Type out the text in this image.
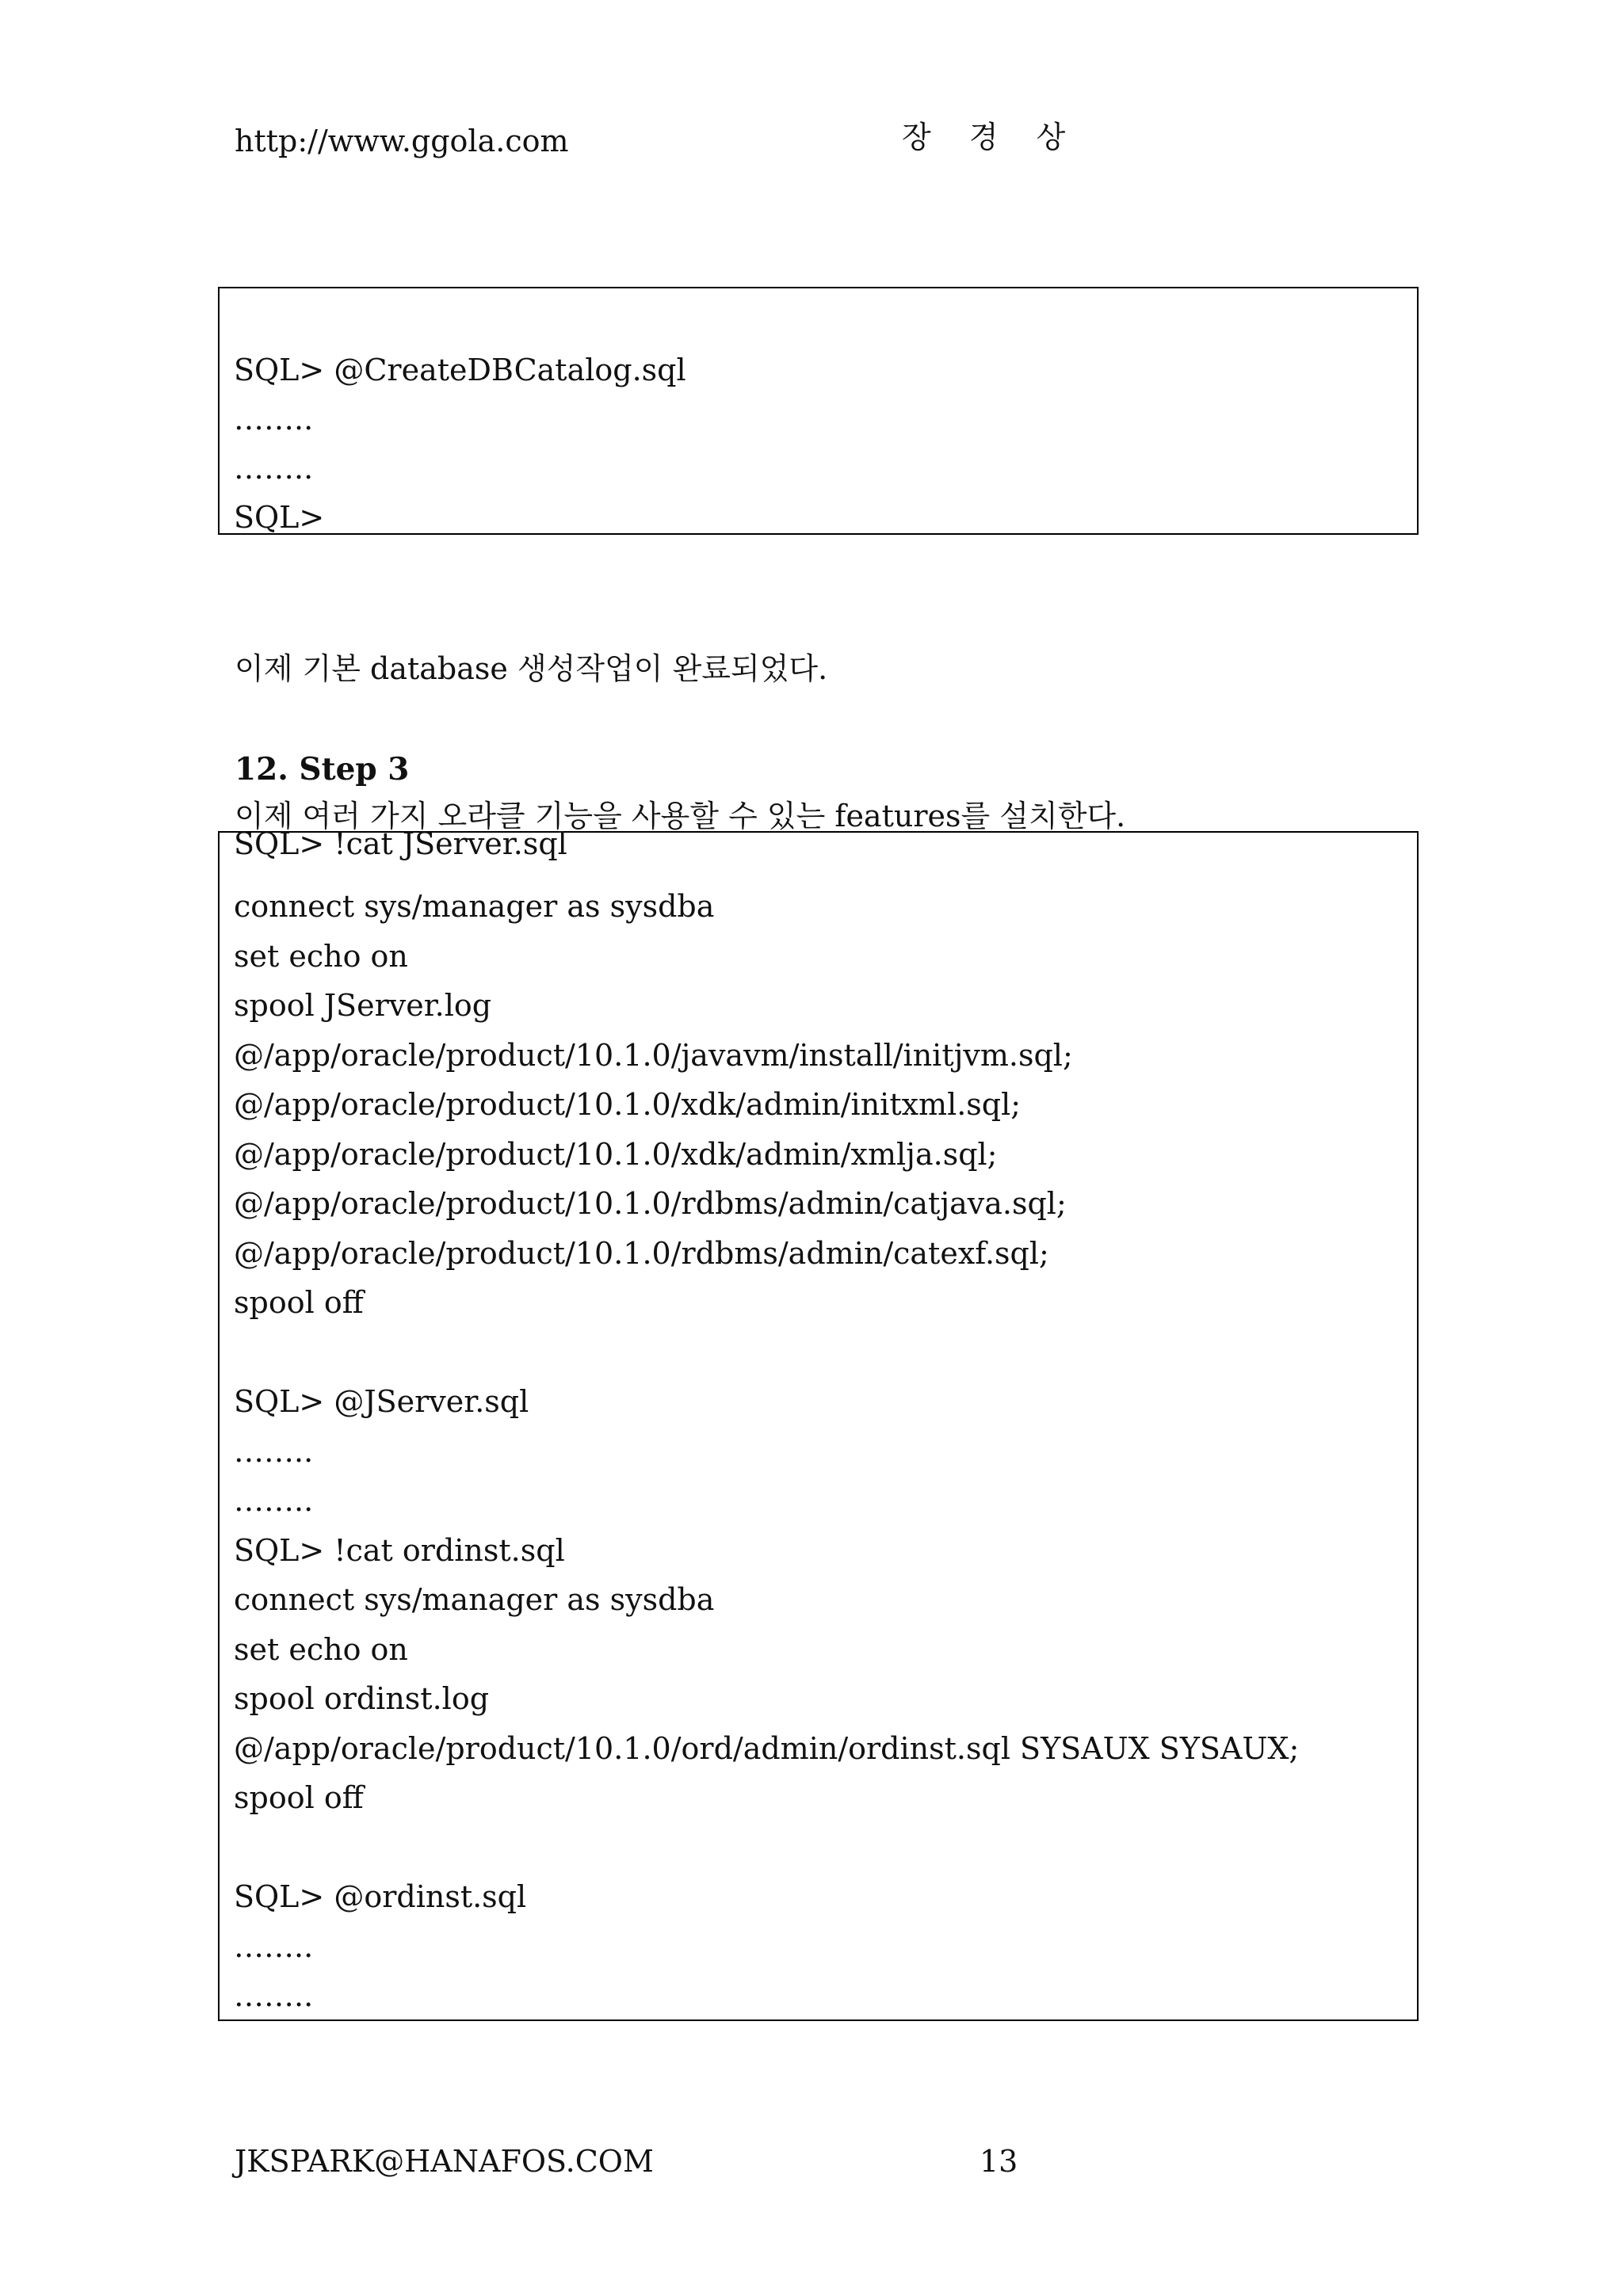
http://www.ggola.com	장 경 상
SQL> @CreateDBCatalog.sql
……..
……..
SQL>
이제 기본 database 생성작업이 완료되었다.
12. Step 3
이제 여러 가지 오라클 기능을 사용할 수 있는 features를 설치한다.
SQL> !cat JServer.sql
connect sys/manager as sysdba
set echo on
spool JServer.log
@/app/oracle/product/10.1.0/javavm/install/initjvm.sql;
@/app/oracle/product/10.1.0/xdk/admin/initxml.sql;
@/app/oracle/product/10.1.0/xdk/admin/xmlja.sql;
@/app/oracle/product/10.1.0/rdbms/admin/catjava.sql;
@/app/oracle/product/10.1.0/rdbms/admin/catexf.sql;
spool off
SQL> @JServer.sql
……..
……..
SQL> !cat ordinst.sql
connect sys/manager as sysdba
set echo on
spool ordinst.log
@/app/oracle/product/10.1.0/ord/admin/ordinst.sql SYSAUX SYSAUX;
spool off
SQL> @ordinst.sql
……..
……..
JKSPARK@HANAFOS.COM	13
